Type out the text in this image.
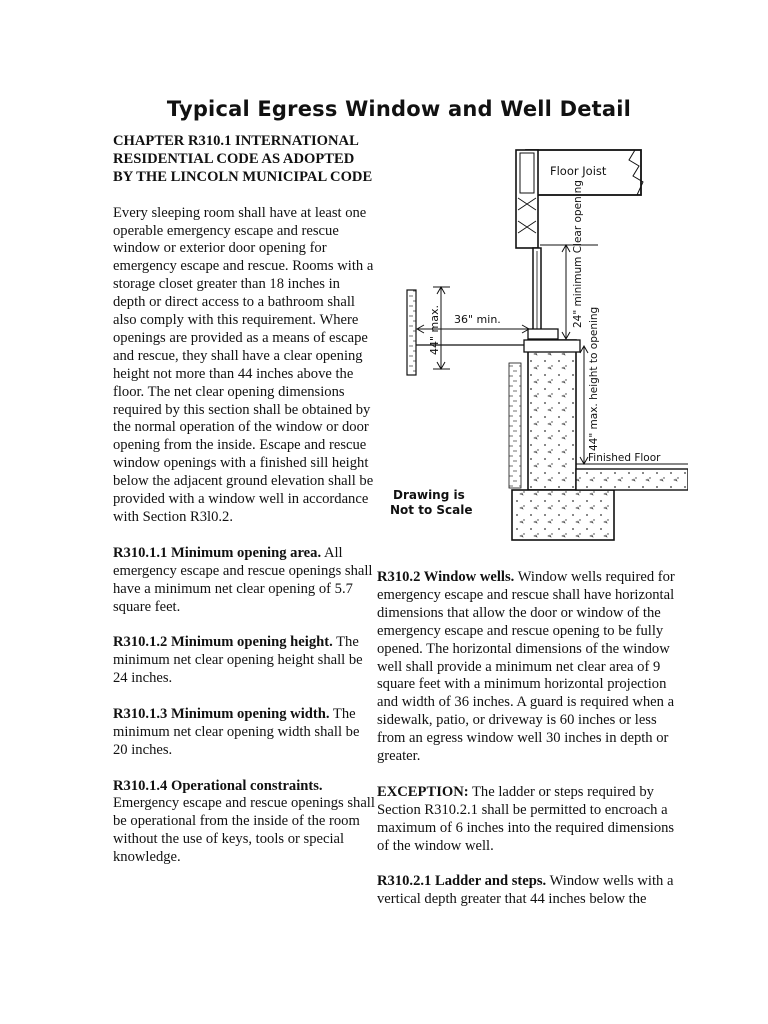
Typical Egress Window and Well Detail
CHAPTER R310.1 INTERNATIONAL RESIDENTIAL CODE AS ADOPTED BY THE LINCOLN MUNICIPAL CODE

Every sleeping room shall have at least one operable emergency escape and rescue window or exterior door opening for emergency escape and rescue. Rooms with a storage closet greater than 18 inches in depth or direct access to a bathroom shall also comply with this requirement. Where openings are provided as a means of escape and rescue, they shall have a clear opening height not more than 44 inches above the floor. The net clear opening dimensions required by this section shall be obtained by the normal operation of the window or door opening from the inside. Escape and rescue window openings with a finished sill height below the adjacent ground elevation shall be provided with a window well in accordance with Section R3l0.2.

R310.1.1 Minimum opening area. All emergency escape and rescue openings shall have a minimum net clear opening of 5.7 square feet.

R310.1.2 Minimum opening height. The minimum net clear opening height shall be 24 inches.

R310.1.3 Minimum opening width. The minimum net clear opening width shall be 20 inches.

R310.1.4 Operational constraints.
Emergency escape and rescue openings shall be operational from the inside of the room without the use of keys, tools or special knowledge.

Floor Joist
Finished Floor
44" max. 36" min.	24" minimum Clear opening
44" max. height to opening
Drawing is
Not to Scale

R310.2 Window wells. Window wells required for emergency escape and rescue shall have horizontal dimensions that allow the door or window of the emergency escape and rescue opening to be fully opened. The horizontal dimensions of the window well shall provide a minimum net clear area of 9 square feet with a minimum horizontal projection and width of 36 inches. A guard is required when a sidewalk, patio, or driveway is 60 inches or less from an egress window well 30 inches in depth or greater.

EXCEPTION: The ladder or steps required by Section R310.2.1 shall be permitted to encroach a maximum of 6 inches into the required dimensions of the window well.

R310.2.1 Ladder and steps. Window wells with a vertical depth greater that 44 inches below the
